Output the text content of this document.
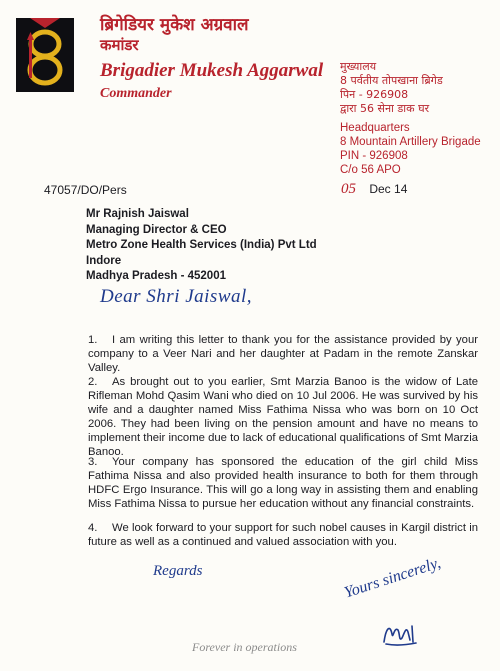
ब्रिगेडियर मुकेश अग्रवाल
कमांडर
Brigadier Mukesh Aggarwal
Commander
मुख्यालय
8 पर्वतीय तोपखाना ब्रिगेड
पिन - 926908
द्वारा 56 सेना डाक घर
Headquarters
8 Mountain Artillery Brigade
PIN - 926908
C/o 56 APO
47057/DO/Pers	05 Dec 14
Mr Rajnish Jaiswal
Managing Director & CEO
Metro Zone Health Services (India) Pvt Ltd
Indore
Madhya Pradesh - 452001
Dear Shri Jaiswal,
1. I am writing this letter to thank you for the assistance provided by your company to a Veer Nari and her daughter at Padam in the remote Zanskar Valley.
2. As brought out to you earlier, Smt Marzia Banoo is the widow of Late Rifleman Mohd Qasim Wani who died on 10 Jul 2006. He was survived by his wife and a daughter named Miss Fathima Nissa who was born on 10 Oct 2006. They had been living on the pension amount and have no means to implement their income due to lack of educational qualifications of Smt Marzia Banoo.
3. Your company has sponsored the education of the girl child Miss Fathima Nissa and also provided health insurance to both for them through HDFC Ergo Insurance. This will go a long way in assisting them and enabling Miss Fathima Nissa to pursue her education without any financial constraints.
4. We look forward to your support for such nobel causes in Kargil district in future as well as a continued and valued association with you.
Regards	Yours sincerely,
Forever in operations
